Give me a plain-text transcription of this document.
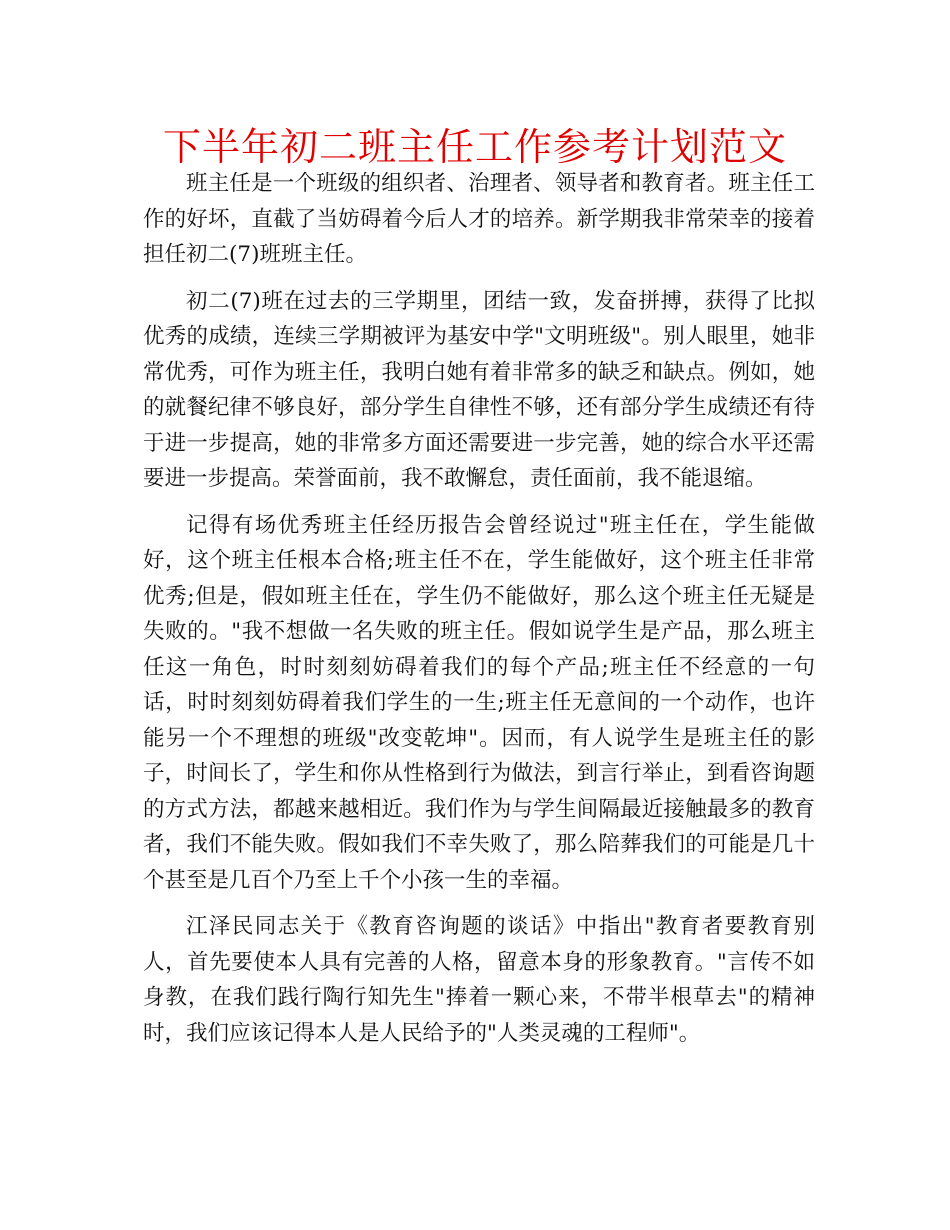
下半年初二班主任工作参考计划范文

班主任是一个班级的组织者、治理者、领导者和教育者。班主任工作的好坏，直截了当妨碍着今后人才的培养。新学期我非常荣幸的接着担任初二(7)班班主任。

初二(7)班在过去的三学期里，团结一致，发奋拼搏，获得了比拟优秀的成绩，连续三学期被评为基安中学"文明班级"。别人眼里，她非常优秀，可作为班主任，我明白她有着非常多的缺乏和缺点。例如，她的就餐纪律不够良好，部分学生自律性不够，还有部分学生成绩还有待于进一步提高，她的非常多方面还需要进一步完善，她的综合水平还需要进一步提高。荣誉面前，我不敢懈怠，责任面前，我不能退缩。

记得有场优秀班主任经历报告会曾经说过"班主任在，学生能做好，这个班主任根本合格;班主任不在，学生能做好，这个班主任非常优秀;但是，假如班主任在，学生仍不能做好，那么这个班主任无疑是失败的。"我不想做一名失败的班主任。假如说学生是产品，那么班主任这一角色，时时刻刻妨碍着我们的每个产品;班主任不经意的一句话，时时刻刻妨碍着我们学生的一生;班主任无意间的一个动作，也许能另一个不理想的班级"改变乾坤"。因而，有人说学生是班主任的影子，时间长了，学生和你从性格到行为做法，到言行举止，到看咨询题的方式方法，都越来越相近。我们作为与学生间隔最近接触最多的教育者，我们不能失败。假如我们不幸失败了，那么陪葬我们的可能是几十个甚至是几百个乃至上千个小孩一生的幸福。

江泽民同志关于《教育咨询题的谈话》中指出"教育者要教育别人，首先要使本人具有完善的人格，留意本身的形象教育。"言传不如身教，在我们践行陶行知先生"捧着一颗心来，不带半根草去"的精神时，我们应该记得本人是人民给予的"人类灵魂的工程师"。
